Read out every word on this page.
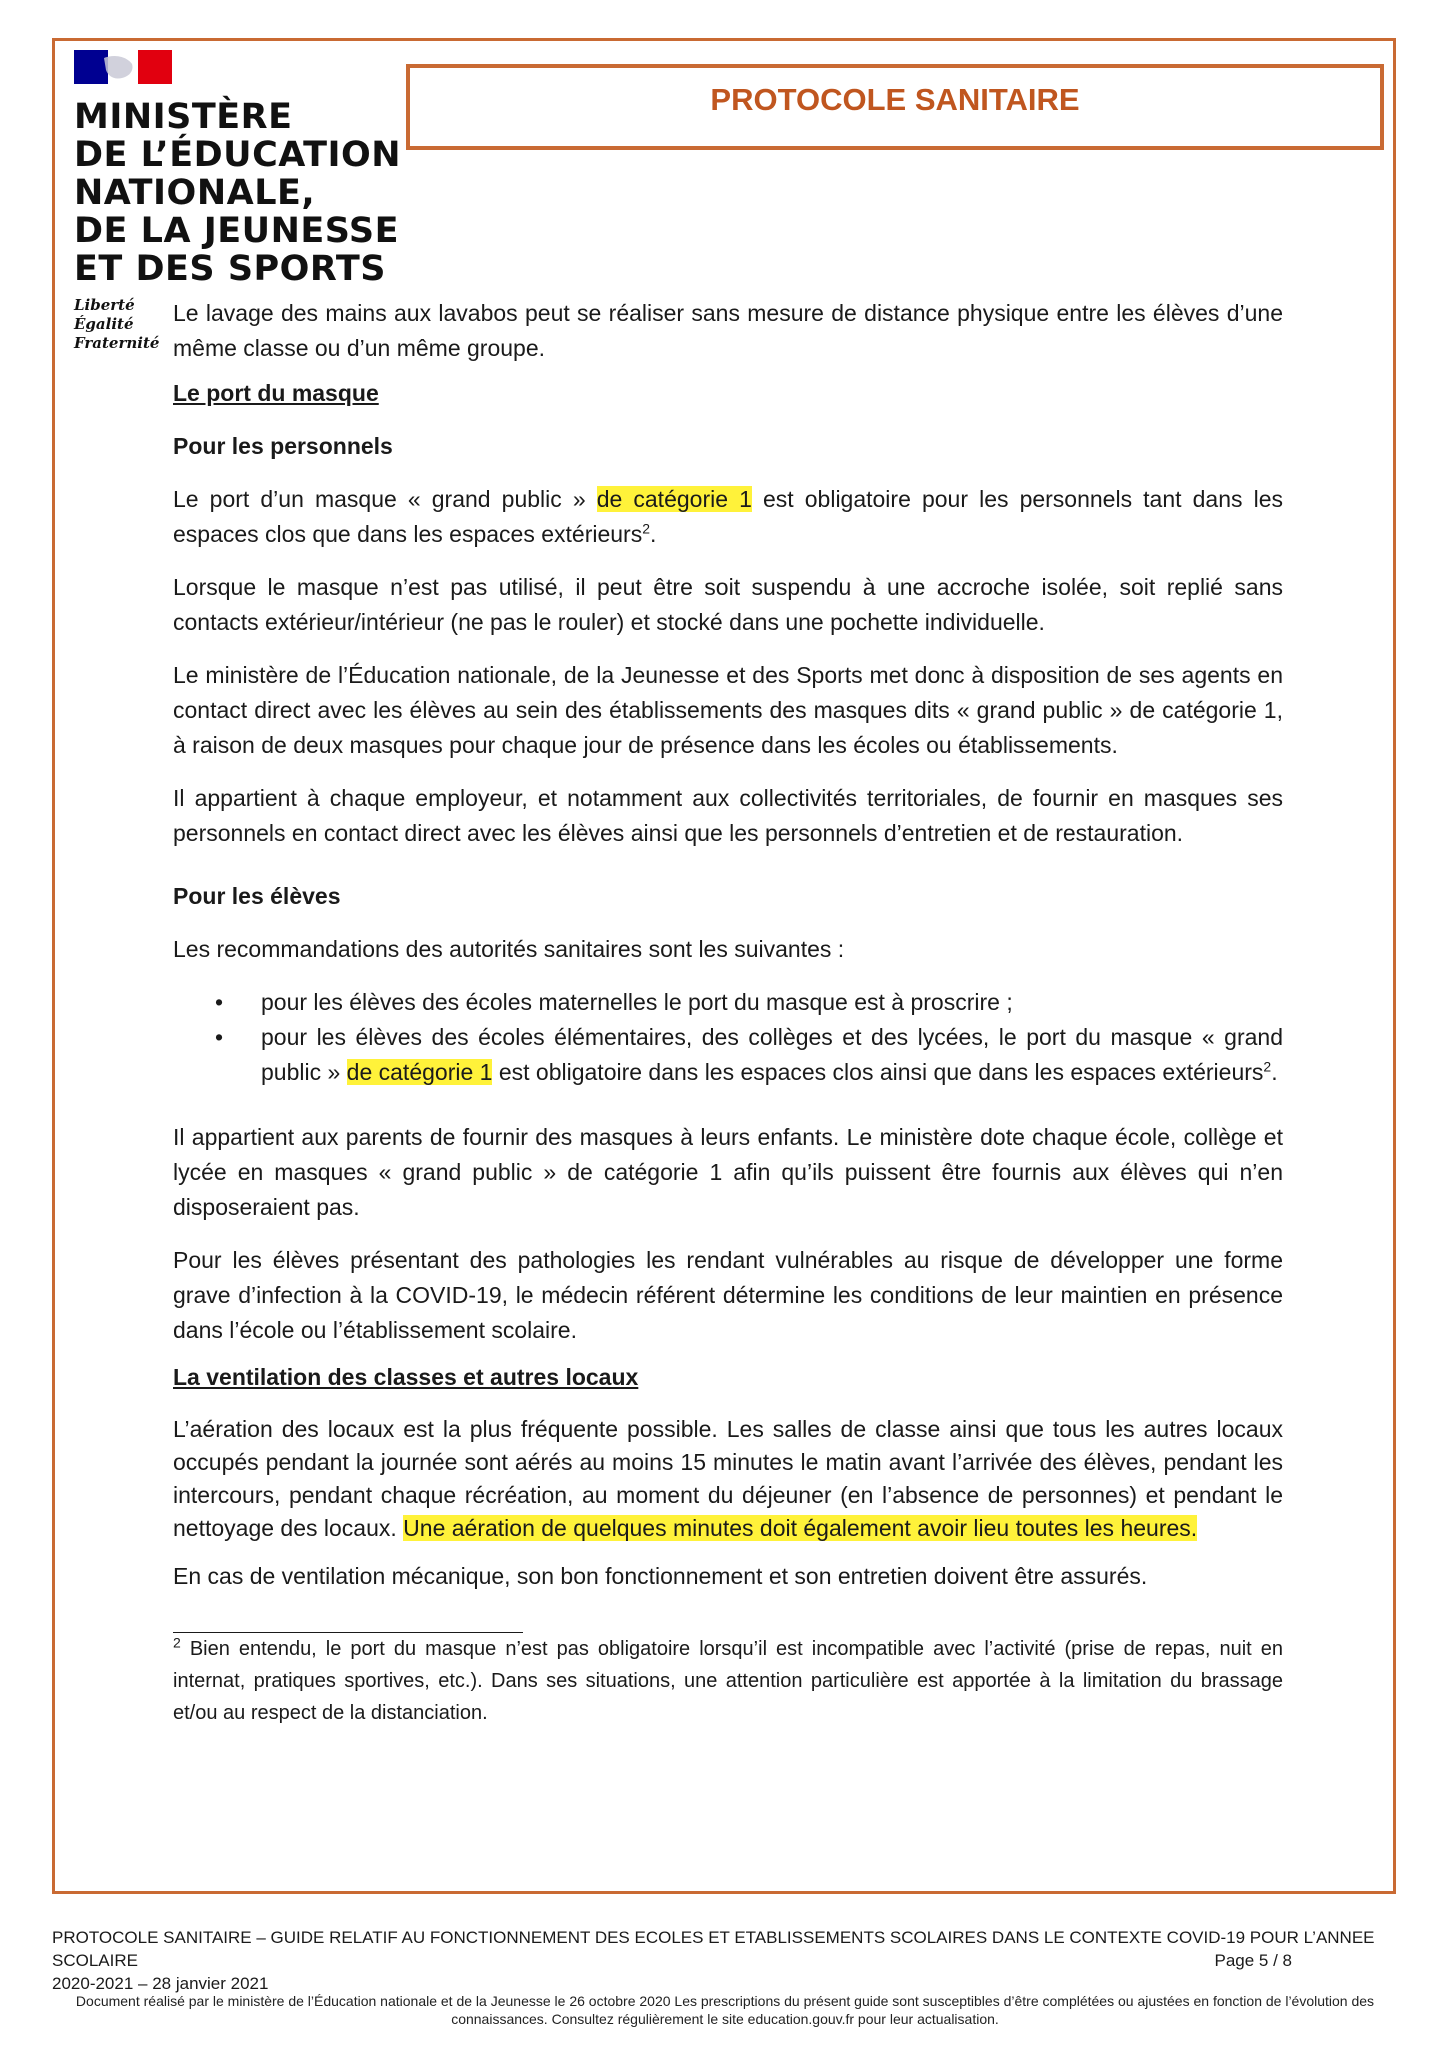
MINISTÈRE
DE L’ÉDUCATION
NATIONALE,
DE LA JEUNESSE
ET DES SPORTS
Liberté
Égalité
Fraternité
PROTOCOLE SANITAIRE

Le lavage des mains aux lavabos peut se réaliser sans mesure de distance physique entre les élèves d’une même classe ou d’un même groupe.

Le port du masque
Pour les personnels

Le port d’un masque « grand public » de catégorie 1 est obligatoire pour les personnels tant dans les espaces clos que dans les espaces extérieurs$^2$.

Lorsque le masque n’est pas utilisé, il peut être soit suspendu à une accroche isolée, soit replié sans contacts extérieur/intérieur (ne pas le rouler) et stocké dans une pochette individuelle.

Le ministère de l’Éducation nationale, de la Jeunesse et des Sports met donc à disposition de ses agents en contact direct avec les élèves au sein des établissements des masques dits « grand public » de catégorie 1, à raison de deux masques pour chaque jour de présence dans les écoles ou établissements.

Il appartient à chaque employeur, et notamment aux collectivités territoriales, de fournir en masques ses personnels en contact direct avec les élèves ainsi que les personnels d’entretien et de restauration.

Pour les élèves

Les recommandations des autorités sanitaires sont les suivantes :

• pour les élèves des écoles maternelles le port du masque est à proscrire ;
• pour les élèves des écoles élémentaires, des collèges et des lycées, le port du masque « grand public » de catégorie 1 est obligatoire dans les espaces clos ainsi que dans les espaces extérieurs$^2$.

Il appartient aux parents de fournir des masques à leurs enfants. Le ministère dote chaque école, collège et lycée en masques « grand public » de catégorie 1 afin qu’ils puissent être fournis aux élèves qui n’en disposeraient pas.

Pour les élèves présentant des pathologies les rendant vulnérables au risque de développer une forme grave d’infection à la COVID-19, le médecin référent détermine les conditions de leur maintien en présence dans l’école ou l’établissement scolaire.

La ventilation des classes et autres locaux

L’aération des locaux est la plus fréquente possible. Les salles de classe ainsi que tous les autres locaux occupés pendant la journée sont aérés au moins 15 minutes le matin avant l’arrivée des élèves, pendant les intercours, pendant chaque récréation, au moment du déjeuner (en l’absence de personnes) et pendant le nettoyage des locaux. Une aération de quelques minutes doit également avoir lieu toutes les heures.

En cas de ventilation mécanique, son bon fonctionnement et son entretien doivent être assurés.

$^2$ Bien entendu, le port du masque n’est pas obligatoire lorsqu’il est incompatible avec l’activité (prise de repas, nuit en internat, pratiques sportives, etc.). Dans ses situations, une attention particulière est apportée à la limitation du brassage et/ou au respect de la distanciation.

PROTOCOLE SANITAIRE – GUIDE RELATIF AU FONCTIONNEMENT DES ECOLES ET ETABLISSEMENTS SCOLAIRES DANS LE CONTEXTE COVID-19 POUR L’ANNEE SCOLAIRE
2020-2021 – 28 janvier 2021
Page 5 / 8
Document réalisé par le ministère de l’Éducation nationale et de la Jeunesse le 26 octobre 2020 Les prescriptions du présent guide sont susceptibles d’être complétées ou ajustées en fonction de l’évolution des connaissances. Consultez régulièrement le site education.gouv.fr pour leur actualisation.
